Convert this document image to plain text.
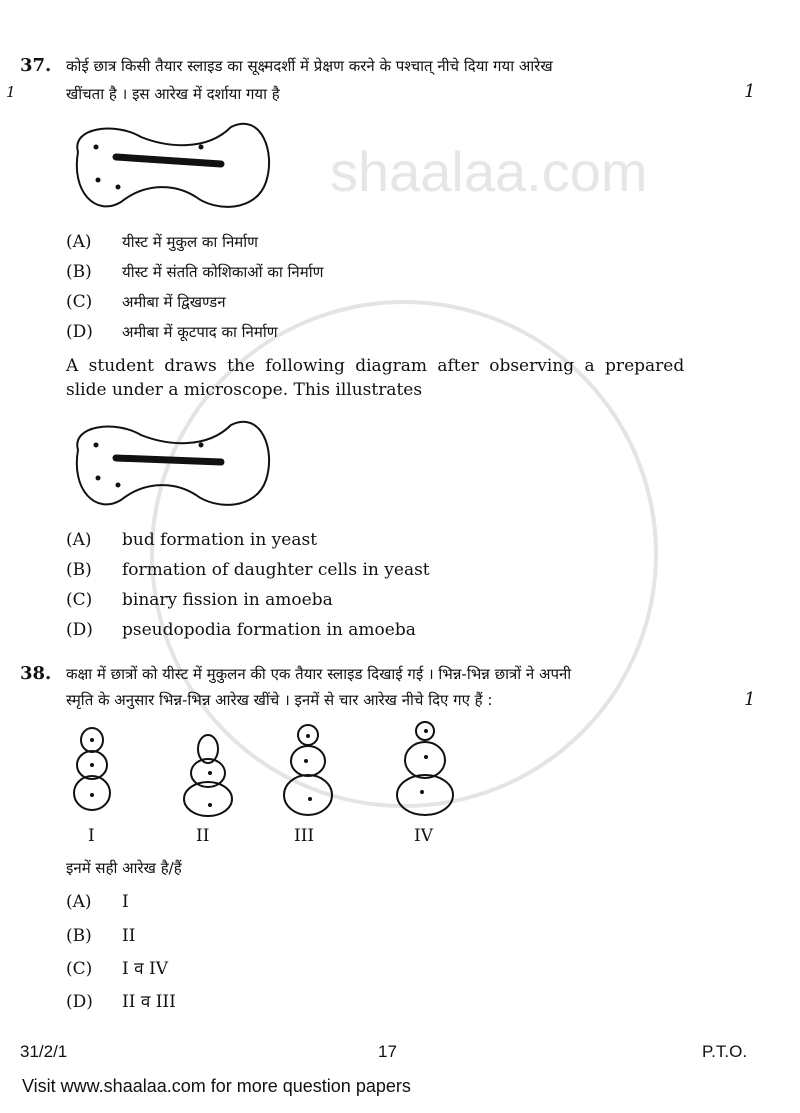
shaalaa.com
37.
1
कोई छात्र किसी तैयार स्लाइड का सूक्ष्मदर्शी में प्रेक्षण करने के पश्चात् नीचे दिया गया आरेख
खींचता है । इस आरेख में दर्शाया गया है	1
(A) यीस्ट में मुकुल का निर्माण
(B) यीस्ट में संतति कोशिकाओं का निर्माण
(C) अमीबा में द्विखण्डन
(D) अमीबा में कूटपाद का निर्माण
A student draws the following diagram after observing a prepared
slide under a microscope. This illustrates
(A) bud formation in yeast
(B) formation of daughter cells in yeast
(C) binary fission in amoeba
(D) pseudopodia formation in amoeba
38. कक्षा में छात्रों को यीस्ट में मुकुलन की एक तैयार स्लाइड दिखाई गई । भिन्न-भिन्न छात्रों ने अपनी
स्मृति के अनुसार भिन्न-भिन्न आरेख खींचे । इनमें से चार आरेख नीचे दिए गए हैं :	1
I	II	III	IV
इनमें सही आरेख है/हैं
(A) I
(B) II
(C) I व IV
(D) II व III
31/2/1	17	P.T.O.
Visit www.shaalaa.com for more question papers
